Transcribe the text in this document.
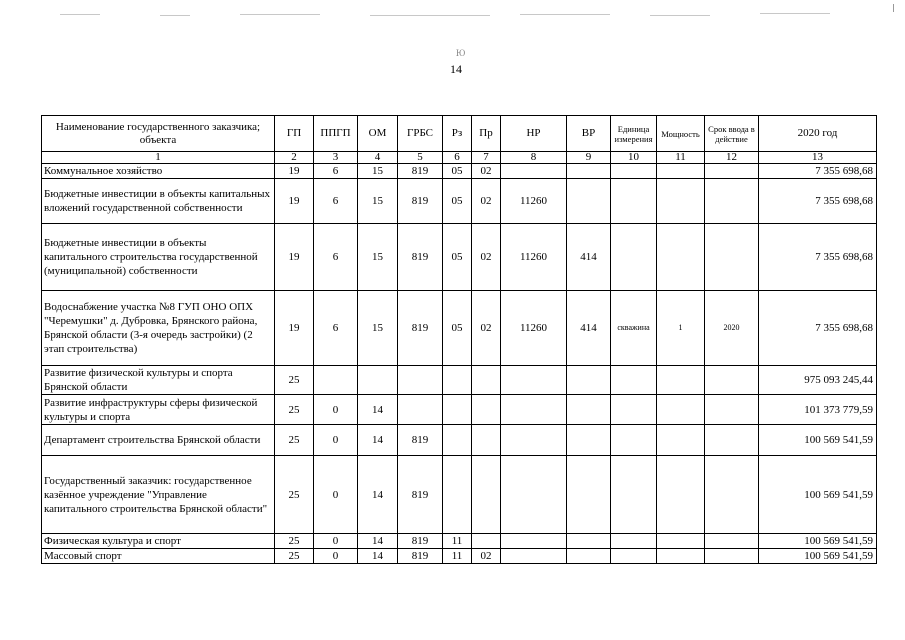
Ю
14
Наименование государственного заказчика; объекта	ГП	ППГП	ОМ	ГРБС	Рз	Пр	НР	ВР	Единица измерения	Мощность	Срок ввода в действие	2020 год
1	2	3	4	5	6	7	8	9	10	11	12	13
Коммунальное хозяйство	19	6	15	819	05	02						7 355 698,68
Бюджетные инвестиции в объекты капитальных вложений государственной собственности	19	6	15	819	05	02	11260					7 355 698,68
Бюджетные инвестиции в объекты капитального строительства государственной (муниципальной) собственности	19	6	15	819	05	02	11260	414				7 355 698,68
Водоснабжение участка №8 ГУП ОНО ОПХ "Черемушки" д. Дубровка, Брянского района, Брянской области (3-я очередь застройки) (2 этап строительства)	19	6	15	819	05	02	11260	414	скважина	1	2020	7 355 698,68
Развитие физической культуры и спорта Брянской области	25											975 093 245,44
Развитие инфраструктуры сферы физической культуры и спорта	25	0	14									101 373 779,59
Департамент строительства Брянской области	25	0	14	819								100 569 541,59
Государственный заказчик: государственное казённое учреждение "Управление капитального строительства Брянской области"	25	0	14	819								100 569 541,59
Физическая культура и спорт	25	0	14	819	11							100 569 541,59
Массовый спорт	25	0	14	819	11	02						100 569 541,59
